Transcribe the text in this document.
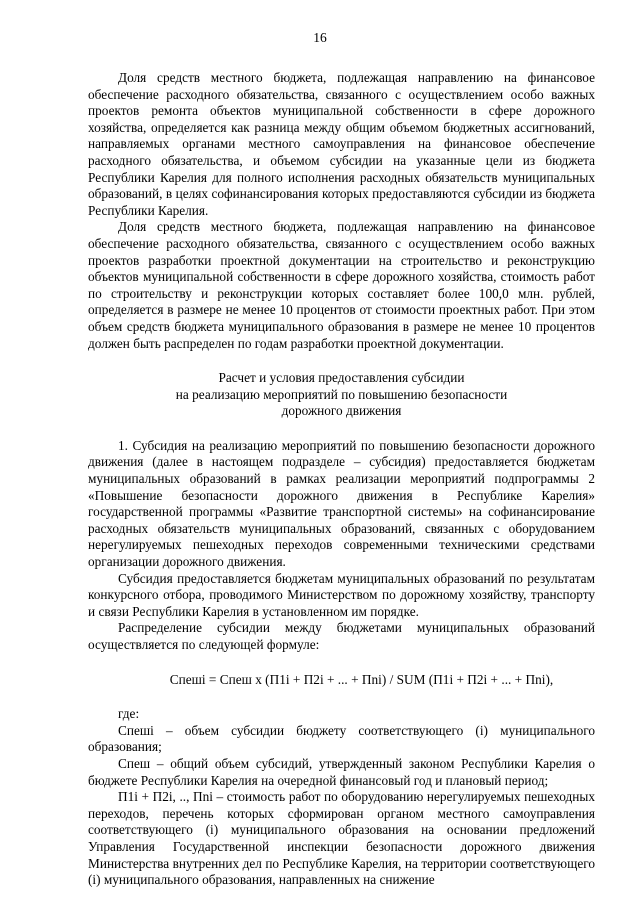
16

Доля средств местного бюджета, подлежащая направлению на финансовое обеспечение расходного обязательства, связанного с осуществлением особо важных проектов ремонта объектов муниципальной собственности в сфере дорожного хозяйства, определяется как разница между общим объемом бюджетных ассигнований, направляемых органами местного самоуправления на финансовое обеспечение расходного обязательства, и объемом субсидии на указанные цели из бюджета Республики Карелия для полного исполнения расходных обязательств муниципальных образований, в целях софинансирования которых предоставляются субсидии из бюджета Республики Карелия.

Доля средств местного бюджета, подлежащая направлению на финансовое обеспечение расходного обязательства, связанного с осуществлением особо важных проектов разработки проектной документации на строительство и реконструкцию объектов муниципальной собственности в сфере дорожного хозяйства, стоимость работ по строительству и реконструкции которых составляет более 100,0 млн. рублей, определяется в размере не менее 10 процентов от стоимости проектных работ. При этом объем средств бюджета муниципального образования в размере не менее 10 процентов должен быть распределен по годам разработки проектной документации.

Расчет и условия предоставления субсидии
на реализацию мероприятий по повышению безопасности
дорожного движения

1. Субсидия на реализацию мероприятий по повышению безопасности дорожного движения (далее в настоящем подразделе – субсидия) предоставляется бюджетам муниципальных образований в рамках реализации мероприятий подпрограммы 2 «Повышение безопасности дорожного движения в Республике Карелия» государственной программы «Развитие транспортной системы» на софинансирование расходных обязательств муниципальных образований, связанных с оборудованием нерегулируемых пешеходных переходов современными техническими средствами организации дорожного движения.

Субсидия предоставляется бюджетам муниципальных образований по результатам конкурсного отбора, проводимого Министерством по дорожному хозяйству, транспорту и связи Республики Карелия в установленном им порядке.

Распределение субсидии между бюджетами муниципальных образований осуществляется по следующей формуле:

Спеші = Спеш x (П1i + П2i + ... + Пni) / SUM (П1i + П2i + ... + Пni),

где:

Спеші – объем субсидии бюджету соответствующего (i) муниципального образования;

Спеш – общий объем субсидий, утвержденный законом Республики Карелия о бюджете Республики Карелия на очередной финансовый год и плановый период;

П1i + П2i, .., Пni – стоимость работ по оборудованию нерегулируемых пешеходных переходов, перечень которых сформирован органом местного самоуправления соответствующего (i) муниципального образования на основании предложений Управления Государственной инспекции безопасности дорожного движения Министерства внутренних дел по Республике Карелия, на территории соответствующего (i) муниципального образования, направленных на снижение
